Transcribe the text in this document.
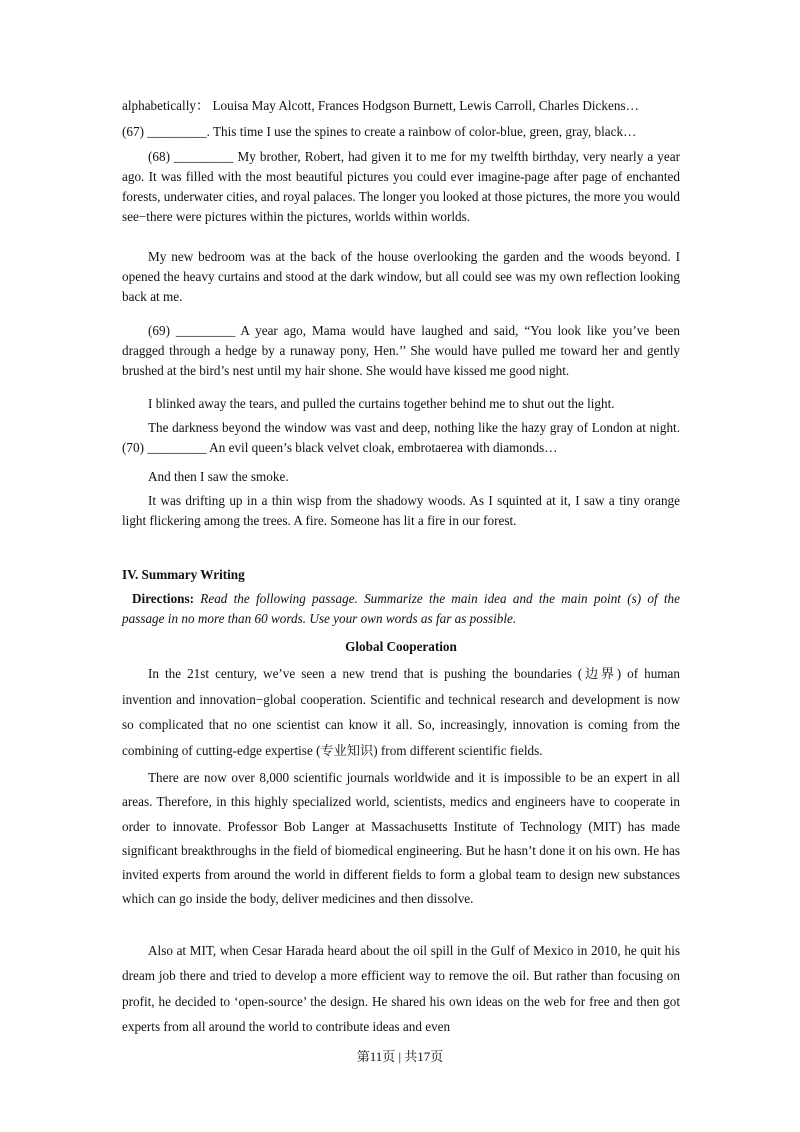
alphabetically： Louisa May Alcott, Frances Hodgson Burnett, Lewis Carroll, Charles Dickens…
(67) _________. This time I use the spines to create a rainbow of color-blue, green, gray, black…

(68) _________ My brother, Robert, had given it to me for my twelfth birthday, very nearly a year ago. It was filled with the most beautiful pictures you could ever imagine-page after page of enchanted forests, underwater cities, and royal palaces. The longer you looked at those pictures, the more you would see−there were pictures within the pictures, worlds within worlds.

My new bedroom was at the back of the house overlooking the garden and the woods beyond. I opened the heavy curtains and stood at the dark window, but all could see was my own reflection looking back at me.

(69) _________ A year ago, Mama would have laughed and said, “You look like you’ve been dragged through a hedge by a runaway pony, Hen.’’ She would have pulled me toward her and gently brushed at the bird’s nest until my hair shone. She would have kissed me good night.

I blinked away the tears, and pulled the curtains together behind me to shut out the light.

The darkness beyond the window was vast and deep, nothing like the hazy gray of London at night. (70) _________ An evil queen’s black velvet cloak, embrotaerea with diamonds…

And then I saw the smoke.

It was drifting up in a thin wisp from the shadowy woods. As I squinted at it, I saw a tiny orange light flickering among the trees. A fire. Someone has lit a fire in our forest.

IV. Summary Writing

Directions: Read the following passage. Summarize the main idea and the main point (s) of the passage in no more than 60 words. Use your own words as far as possible.

Global Cooperation

In the 21st century, we’ve seen a new trend that is pushing the boundaries (边界) of human invention and innovation−global cooperation. Scientific and technical research and development is now so complicated that no one scientist can know it all. So, increasingly, innovation is coming from the combining of cutting-edge expertise (专业知识) from different scientific fields.

There are now over 8,000 scientific journals worldwide and it is impossible to be an expert in all areas. Therefore, in this highly specialized world, scientists, medics and engineers have to cooperate in order to innovate. Professor Bob Langer at Massachusetts Institute of Technology (MIT) has made significant breakthroughs in the field of biomedical engineering. But he hasn’t done it on his own. He has invited experts from around the world in different fields to form a global team to design new substances which can go inside the body, deliver medicines and then dissolve.

Also at MIT, when Cesar Harada heard about the oil spill in the Gulf of Mexico in 2010, he quit his dream job there and tried to develop a more efficient way to remove the oil. But rather than focusing on profit, he decided to ‘open-source’ the design. He shared his own ideas on the web for free and then got experts from all around the world to contribute ideas and even

第11页 | 共17页
